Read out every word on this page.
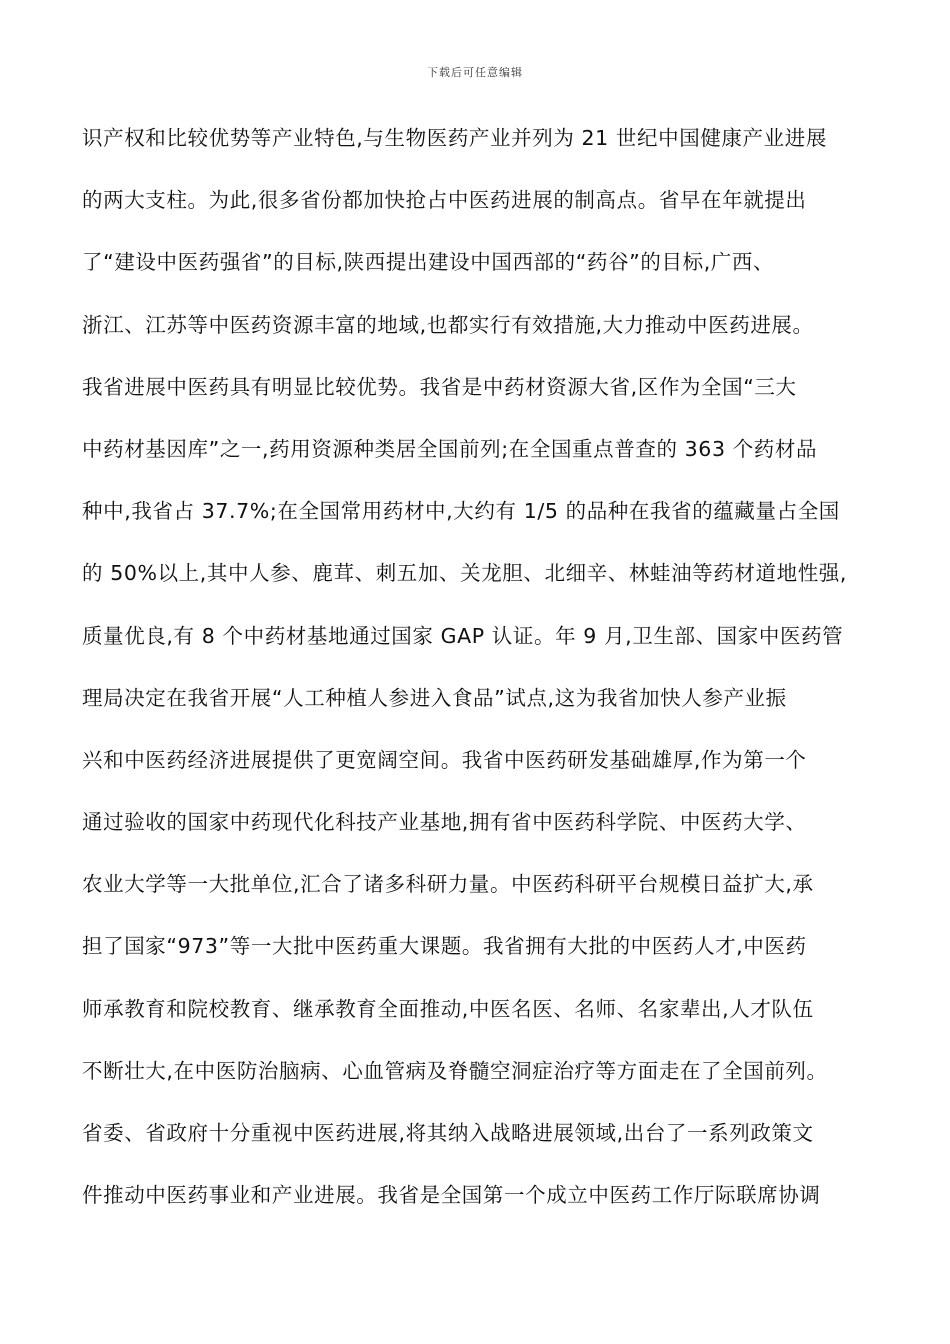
下载后可任意编辑
识产权和比较优势等产业特色,与生物医药产业并列为 21 世纪中国健康产业进展
的两大支柱。为此,很多省份都加快抢占中医药进展的制高点。省早在年就提出
了“建设中医药强省”的目标,陕西提出建设中国西部的“药谷”的目标,广西、
浙江、江苏等中医药资源丰富的地域,也都实行有效措施,大力推动中医药进展。
我省进展中医药具有明显比较优势。我省是中药材资源大省,区作为全国“三大
中药材基因库”之一,药用资源种类居全国前列;在全国重点普查的 363 个药材品
种中,我省占 37.7%;在全国常用药材中,大约有 1/5 的品种在我省的蕴藏量占全国
的 50%以上,其中人参、鹿茸、刺五加、关龙胆、北细辛、林蛙油等药材道地性强,
质量优良,有 8 个中药材基地通过国家 GAP 认证。年 9 月,卫生部、国家中医药管
理局决定在我省开展“人工种植人参进入食品”试点,这为我省加快人参产业振
兴和中医药经济进展提供了更宽阔空间。我省中医药研发基础雄厚,作为第一个
通过验收的国家中药现代化科技产业基地,拥有省中医药科学院、中医药大学、
农业大学等一大批单位,汇合了诸多科研力量。中医药科研平台规模日益扩大,承
担了国家“973”等一大批中医药重大课题。我省拥有大批的中医药人才,中医药
师承教育和院校教育、继承教育全面推动,中医名医、名师、名家辈出,人才队伍
不断壮大,在中医防治脑病、心血管病及脊髓空洞症治疗等方面走在了全国前列。
省委、省政府十分重视中医药进展,将其纳入战略进展领域,出台了一系列政策文
件推动中医药事业和产业进展。我省是全国第一个成立中医药工作厅际联席协调
